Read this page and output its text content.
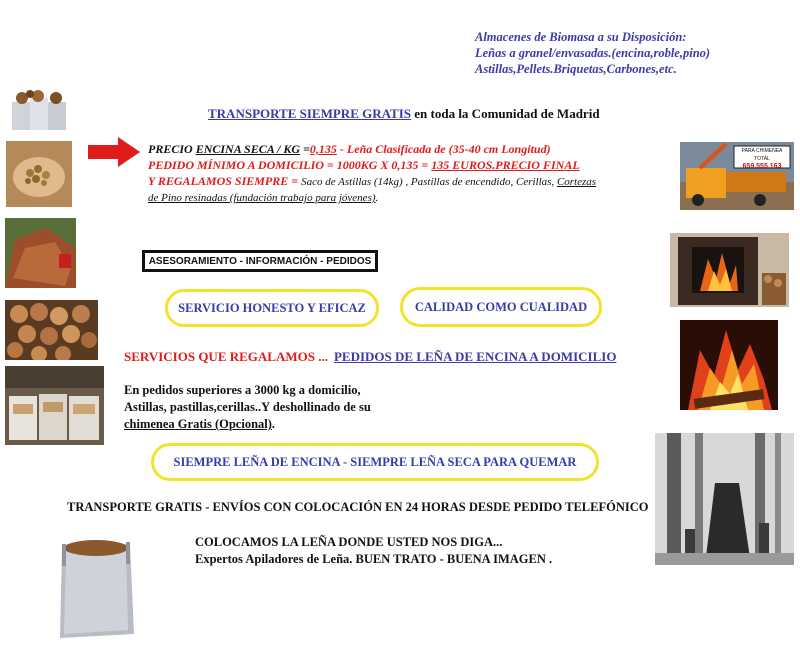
Almacenes de Biomasa a su Disposición:
Leñas a granel/envasadas.(encina,roble,pino)
Astillas,Pellets.Briquetas,Carbones,etc.
PARA CHIMENEA TOTAL
659.555.163
TRANSPORTE SIEMPRE GRATIS en toda la Comunidad de Madrid
PRECIO ENCINA SECA / KG =0,135 - Leña Clasificada de (35-40 cm Longitud)
PEDIDO MÍNIMO A DOMICILIO = 1000KG X 0,135 = 135 EUROS.PRECIO FINAL
Y REGALAMOS SIEMPRE = Saco de Astillas (14kg) , Pastillas de encendido, Cerillas, Cortezas
de Pino resinadas (fundación trabajo para jóvenes).
ASESORAMIENTO - INFORMACIÓN - PEDIDOS
SERVICIO HONESTO Y EFICAZ	CALIDAD COMO CUALIDAD
SERVICIOS QUE REGALAMOS ... PEDIDOS DE LEÑA DE ENCINA A DOMICILIO
En pedidos superiores a 3000 kg a domicilio,
Astillas, pastillas,cerillas..Y deshollinado de su
chimenea Gratis (Opcional).
SIEMPRE LEÑA DE ENCINA - SIEMPRE LEÑA SECA PARA QUEMAR
TRANSPORTE GRATIS - ENVÍOS CON COLOCACIÓN EN 24 HORAS DESDE PEDIDO TELEFÓNICO
COLOCAMOS LA LEÑA DONDE USTED NOS DIGA...
Expertos Apiladores de Leña. BUEN TRATO - BUENA IMAGEN .
